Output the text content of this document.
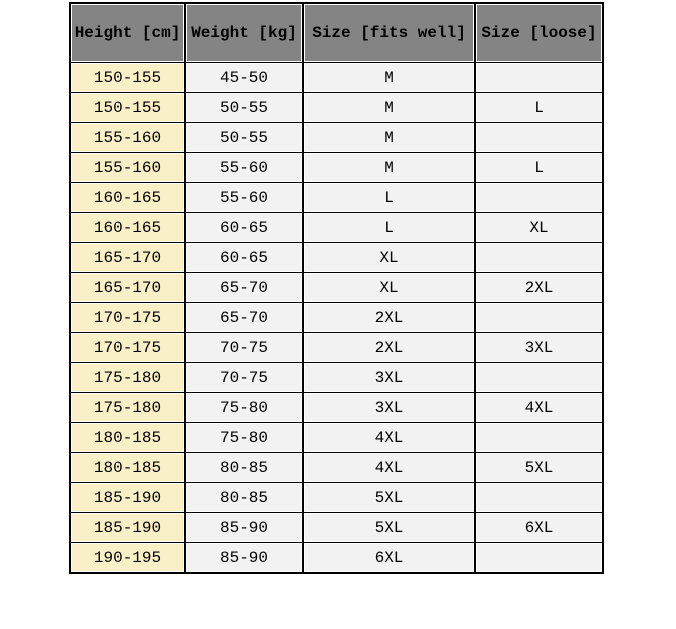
Height [cm]	Weight [kg]	Size [fits well]	Size [loose]
150-155	45-50	M	
150-155	50-55	M	L
155-160	50-55	M	
155-160	55-60	M	L
160-165	55-60	L	
160-165	60-65	L	XL
165-170	60-65	XL	
165-170	65-70	XL	2XL
170-175	65-70	2XL	
170-175	70-75	2XL	3XL
175-180	70-75	3XL	
175-180	75-80	3XL	4XL
180-185	75-80	4XL	
180-185	80-85	4XL	5XL
185-190	80-85	5XL	
185-190	85-90	5XL	6XL
190-195	85-90	6XL	
